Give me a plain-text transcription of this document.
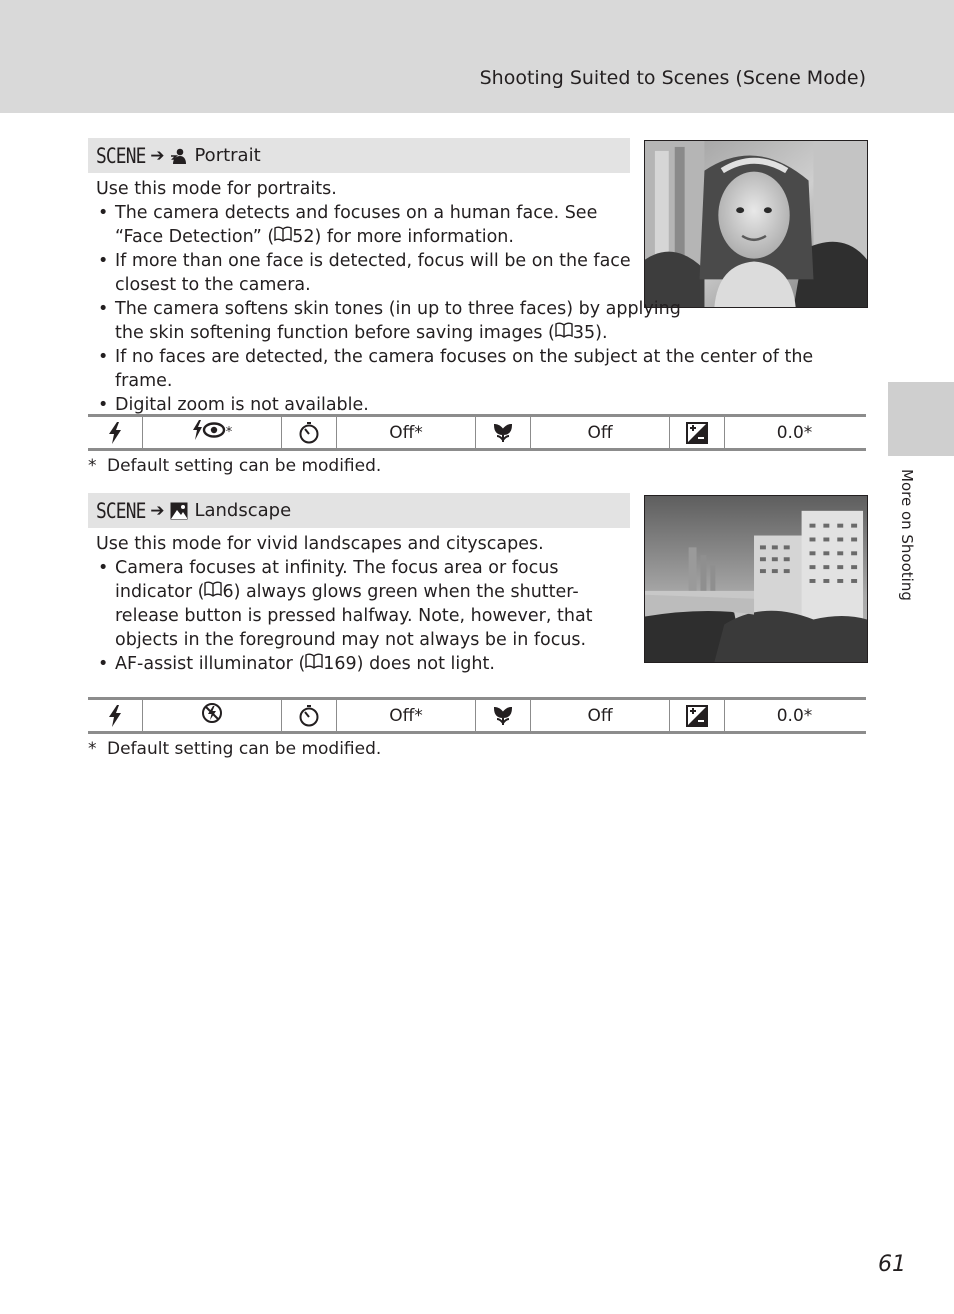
Shooting Suited to Scenes (Scene Mode)
More on Shooting
SCENE ➔ Portrait

Use this mode for portraits.

• The camera detects and focuses on a human face. See “Face Detection” ( 52) for more information.
• If more than one face is detected, focus will be on the face closest to the camera.
• The camera softens skin tones (in up to three faces) by applying the skin softening function before saving images ( 35).
• If no faces are detected, the camera focuses on the subject at the center of the frame.
• Digital zoom is not available.
*	Off*	Off	0.0*
* Default setting can be modified.
SCENE ➔ Landscape

Use this mode for vivid landscapes and cityscapes.

• Camera focuses at infinity. The focus area or focus indicator ( 6) always glows green when the shutter-release button is pressed halfway. Note, however, that objects in the foreground may not always be in focus.
• AF-assist illuminator ( 169) does not light.
Off*	Off	0.0*
* Default setting can be modified.
61
